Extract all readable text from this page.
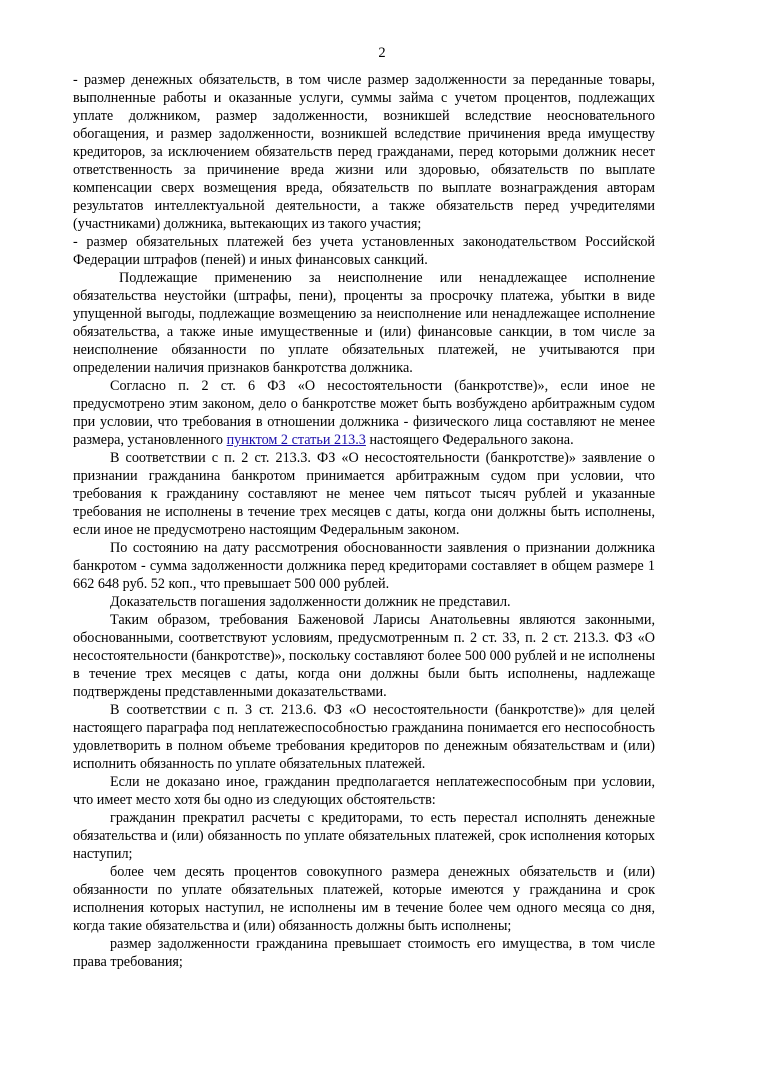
2

- размер денежных обязательств, в том числе размер задолженности за переданные товары, выполненные работы и оказанные услуги, суммы займа с учетом процентов, подлежащих уплате должником, размер задолженности, возникшей вследствие неосновательного обогащения, и размер задолженности, возникшей вследствие причинения вреда имуществу кредиторов, за исключением обязательств перед гражданами, перед которыми должник несет ответственность за причинение вреда жизни или здоровью, обязательств по выплате компенсации сверх возмещения вреда, обязательств по выплате вознаграждения авторам результатов интеллектуальной деятельности, а также обязательств перед учредителями (участниками) должника, вытекающих из такого участия;

- размер обязательных платежей без учета установленных законодательством Российской Федерации штрафов (пеней) и иных финансовых санкций.

Подлежащие применению за неисполнение или ненадлежащее исполнение обязательства неустойки (штрафы, пени), проценты за просрочку платежа, убытки в виде упущенной выгоды, подлежащие возмещению за неисполнение или ненадлежащее исполнение обязательства, а также иные имущественные и (или) финансовые санкции, в том числе за неисполнение обязанности по уплате обязательных платежей, не учитываются при определении наличия признаков банкротства должника.

Согласно п. 2 ст. 6 ФЗ «О несостоятельности (банкротстве)», если иное не предусмотрено этим законом, дело о банкротстве может быть возбуждено арбитражным судом при условии, что требования в отношении должника - физического лица составляют не менее размера, установленного пунктом 2 статьи 213.3 настоящего Федерального закона.

В соответствии с п. 2 ст. 213.3. ФЗ «О несостоятельности (банкротстве)» заявление о признании гражданина банкротом принимается арбитражным судом при условии, что требования к гражданину составляют не менее чем пятьсот тысяч рублей и указанные требования не исполнены в течение трех месяцев с даты, когда они должны быть исполнены, если иное не предусмотрено настоящим Федеральным законом.

По состоянию на дату рассмотрения обоснованности заявления о признании должника банкротом - сумма задолженности должника перед кредиторами составляет в общем размере 1 662 648 руб. 52 коп., что превышает 500 000 рублей.

Доказательств погашения задолженности должник не представил.

Таким образом, требования Баженовой Ларисы Анатольевны являются законными, обоснованными, соответствуют условиям, предусмотренным п. 2 ст. 33, п. 2 ст. 213.3. ФЗ «О несостоятельности (банкротстве)», поскольку составляют более 500 000 рублей и не исполнены в течение трех месяцев с даты, когда они должны были быть исполнены, надлежаще подтверждены представленными доказательствами.

В соответствии с п. 3 ст. 213.6. ФЗ «О несостоятельности (банкротстве)» для целей настоящего параграфа под неплатежеспособностью гражданина понимается его неспособность удовлетворить в полном объеме требования кредиторов по денежным обязательствам и (или) исполнить обязанность по уплате обязательных платежей.

Если не доказано иное, гражданин предполагается неплатежеспособным при условии, что имеет место хотя бы одно из следующих обстоятельств:

гражданин прекратил расчеты с кредиторами, то есть перестал исполнять денежные обязательства и (или) обязанность по уплате обязательных платежей, срок исполнения которых наступил;

более чем десять процентов совокупного размера денежных обязательств и (или) обязанности по уплате обязательных платежей, которые имеются у гражданина и срок исполнения которых наступил, не исполнены им в течение более чем одного месяца со дня, когда такие обязательства и (или) обязанность должны быть исполнены;

размер задолженности гражданина превышает стоимость его имущества, в том числе права требования;
